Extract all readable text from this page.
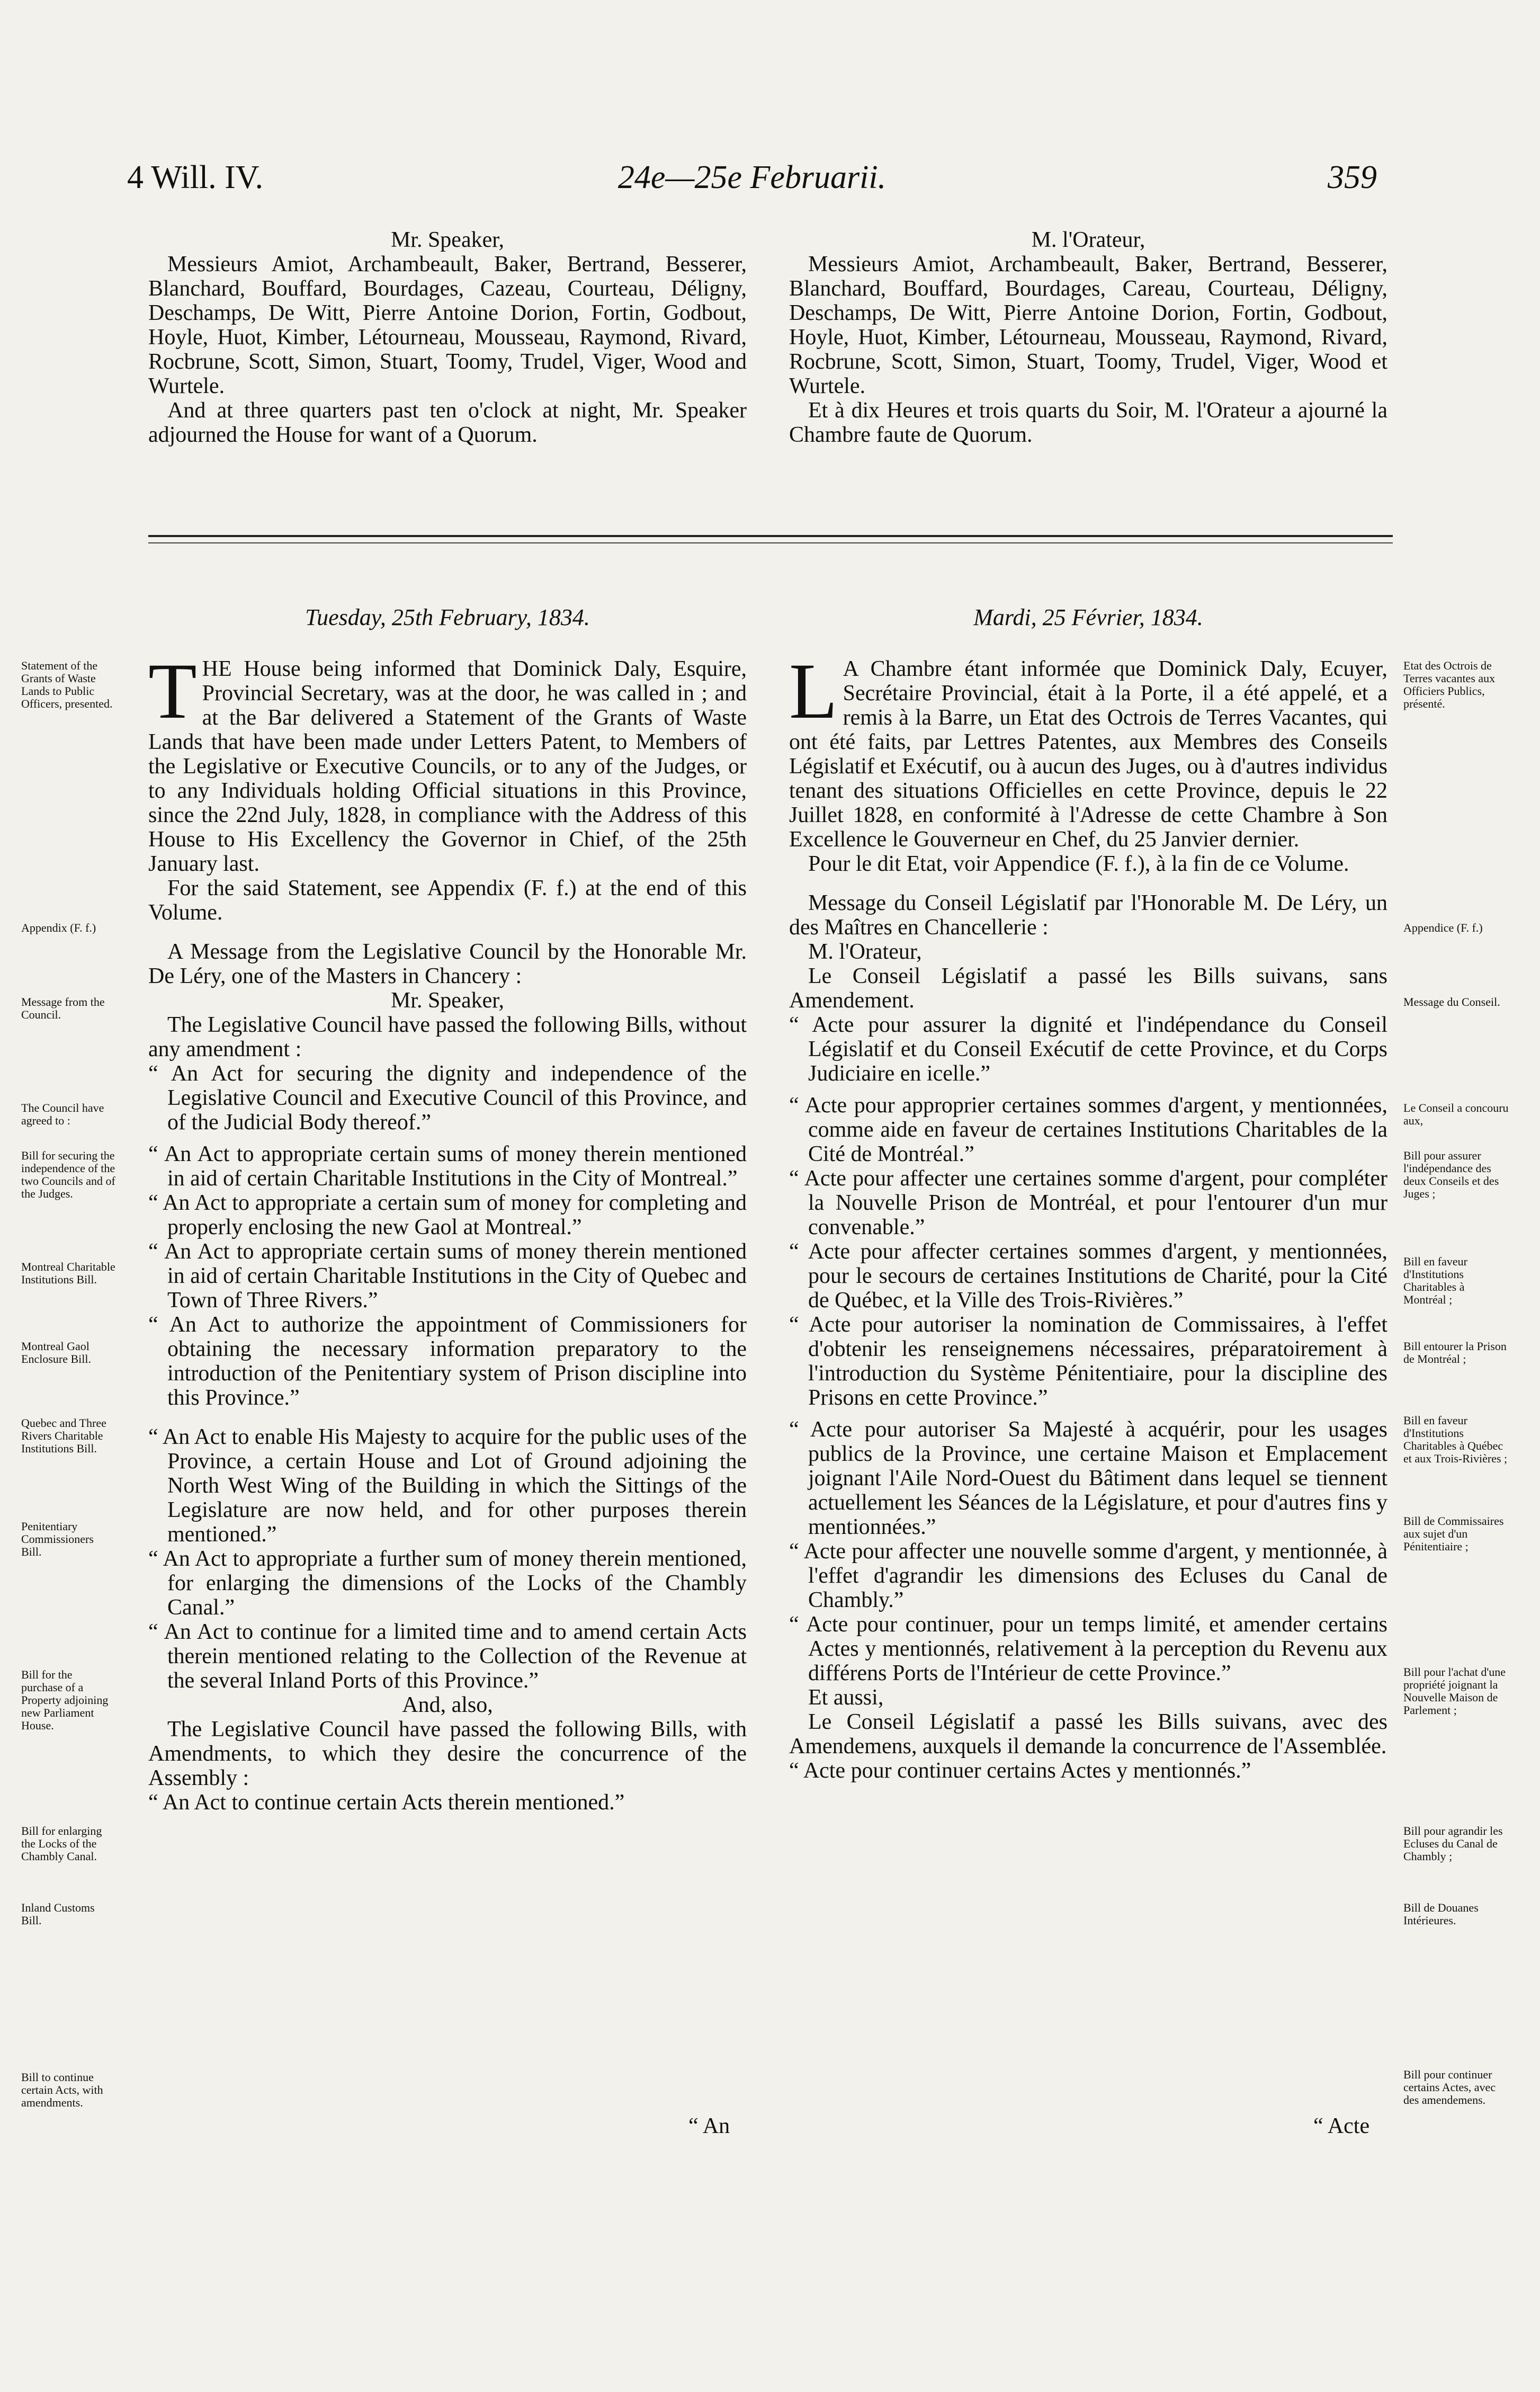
4 Will. IV.	24e—25e Februarii.	359

Mr. Speaker,

Messieurs Amiot, Archambeault, Baker, Bertrand, Besserer, Blanchard, Bouffard, Bourdages, Cazeau, Courteau, Déligny, Deschamps, De Witt, Pierre Antoine Dorion, Fortin, Godbout, Hoyle, Huot, Kimber, Létourneau, Mousseau, Raymond, Rivard, Rocbrune, Scott, Simon, Stuart, Toomy, Trudel, Viger, Wood and Wurtele.

And at three quarters past ten o'clock at night, Mr. Speaker adjourned the House for want of a Quorum.

M. l'Orateur,

Messieurs Amiot, Archambeault, Baker, Bertrand, Besserer, Blanchard, Bouffard, Bourdages, Careau, Courteau, Déligny, Deschamps, De Witt, Pierre Antoine Dorion, Fortin, Godbout, Hoyle, Huot, Kimber, Létourneau, Mousseau, Raymond, Rivard, Rocbrune, Scott, Simon, Stuart, Toomy, Trudel, Viger, Wood et Wurtele.

Et à dix Heures et trois quarts du Soir, M. l'Orateur a ajourné la Chambre faute de Quorum.

Tuesday, 25th February, 1834.	Mardi, 25 Février, 1834.

THE House being informed that Dominick Daly, Esquire, Provincial Secretary, was at the door, he was called in ; and at the Bar delivered a Statement of the Grants of Waste Lands that have been made under Letters Patent, to Members of the Legislative or Executive Councils, or to any of the Judges, or to any Individuals holding Official situations in this Province, since the 22nd July, 1828, in compliance with the Address of this House to His Excellency the Governor in Chief, of the 25th January last.

For the said Statement, see Appendix (F. f.) at the end of this Volume.

A Message from the Legislative Council by the Honorable Mr. De Léry, one of the Masters in Chancery :

Mr. Speaker,

The Legislative Council have passed the following Bills, without any amendment :

“ An Act for securing the dignity and independence of the Legislative Council and Executive Council of this Province, and of the Judicial Body thereof.”

“ An Act to appropriate certain sums of money therein mentioned in aid of certain Charitable Institutions in the City of Montreal.”

“ An Act to appropriate a certain sum of money for completing and properly enclosing the new Gaol at Montreal.”

“ An Act to appropriate certain sums of money therein mentioned in aid of certain Charitable Institutions in the City of Quebec and Town of Three Rivers.”

“ An Act to authorize the appointment of Commissioners for obtaining the necessary information preparatory to the introduction of the Penitentiary system of Prison discipline into this Province.”

“ An Act to enable His Majesty to acquire for the public uses of the Province, a certain House and Lot of Ground adjoining the North West Wing of the Building in which the Sittings of the Legislature are now held, and for other purposes therein mentioned.”

“ An Act to appropriate a further sum of money therein mentioned, for enlarging the dimensions of the Locks of the Chambly Canal.”

“ An Act to continue for a limited time and to amend certain Acts therein mentioned relating to the Collection of the Revenue at the several Inland Ports of this Province.”

And, also,

The Legislative Council have passed the following Bills, with Amendments, to which they desire the concurrence of the Assembly :

“ An Act to continue certain Acts therein mentioned.”

“ An

L A Chambre étant informée que Dominick Daly, Ecuyer, Secrétaire Provincial, était à la Porte, il a été appelé, et a remis à la Barre, un Etat des Octrois de Terres Vacantes, qui ont été faits, par Lettres Patentes, aux Membres des Conseils Législatif et Exécutif, ou à aucun des Juges, ou à d'autres individus tenant des situations Officielles en cette Province, depuis le 22 Juillet 1828, en conformité à l'Adresse de cette Chambre à Son Excellence le Gouverneur en Chef, du 25 Janvier dernier.

Pour le dit Etat, voir Appendice (F. f.), à la fin de ce Volume.

Message du Conseil Législatif par l'Honorable M. De Léry, un des Maîtres en Chancellerie :

M. l'Orateur,

Le Conseil Législatif a passé les Bills suivans, sans Amendement.

“ Acte pour assurer la dignité et l'indépendance du Conseil Législatif et du Conseil Exécutif de cette Province, et du Corps Judiciaire en icelle.”

“ Acte pour approprier certaines sommes d'argent, y mentionnées, comme aide en faveur de certaines Institutions Charitables de la Cité de Montréal.”

“ Acte pour affecter une certaines somme d'argent, pour compléter la Nouvelle Prison de Montréal, et pour l'entourer d'un mur convenable.”

“ Acte pour affecter certaines sommes d'argent, y mentionnées, pour le secours de certaines Institutions de Charité, pour la Cité de Québec, et la Ville des Trois-Rivières.”

“ Acte pour autoriser la nomination de Commissaires, à l'effet d'obtenir les renseignemens nécessaires, préparatoirement à l'introduction du Système Pénitentiaire, pour la discipline des Prisons en cette Province.”

“ Acte pour autoriser Sa Majesté à acquérir, pour les usages publics de la Province, une certaine Maison et Emplacement joignant l'Aile Nord-Ouest du Bâtiment dans lequel se tiennent actuellement les Séances de la Législature, et pour d'autres fins y mentionnées.”

“ Acte pour affecter une nouvelle somme d'argent, y mentionnée, à l'effet d'agrandir les dimensions des Ecluses du Canal de Chambly.”

“ Acte pour continuer, pour un temps limité, et amender certains Actes y mentionnés, relativement à la perception du Revenu aux différens Ports de l'Intérieur de cette Province.”

Et aussi,

Le Conseil Législatif a passé les Bills suivans, avec des Amendemens, auxquels il demande la concurrence de l'Assemblée.

“ Acte pour continuer certains Actes y mentionnés.”

“ Acte
Statement of the Grants of Waste Lands to Public Officers, presented.
Appendix (F. f.)
Message from the Council.
The Council have agreed to :
Bill for securing the independence of the two Councils and of the Judges.
Montreal Charitable Institutions Bill.
Montreal Gaol Enclosure Bill.
Quebec and Three Rivers Charitable Institutions Bill.
Penitentiary Commissioners Bill.
Bill for the purchase of a Property adjoining new Parliament House.
Bill for enlarging the Locks of the Chambly Canal.
Inland Customs Bill.
Bill to continue certain Acts, with amendments.
Etat des Octrois de Terres vacantes aux Officiers Publics, présenté.
Appendice (F. f.)
Message du Conseil.
Le Conseil a concouru aux,
Bill pour assurer l'indépendance des deux Conseils et des Juges ;
Bill en faveur d'Institutions Charitables à Montréal ;
Bill entourer la Prison de Montréal ;
Bill en faveur d'Institutions Charitables à Québec et aux Trois-Rivières ;
Bill de Commissaires aux sujet d'un Pénitentiaire ;
Bill pour l'achat d'une propriété joignant la Nouvelle Maison de Parlement ;
Bill pour agrandir les Ecluses du Canal de Chambly ;
Bill de Douanes Intérieures.
Bill pour continuer certains Actes, avec des amendemens.
